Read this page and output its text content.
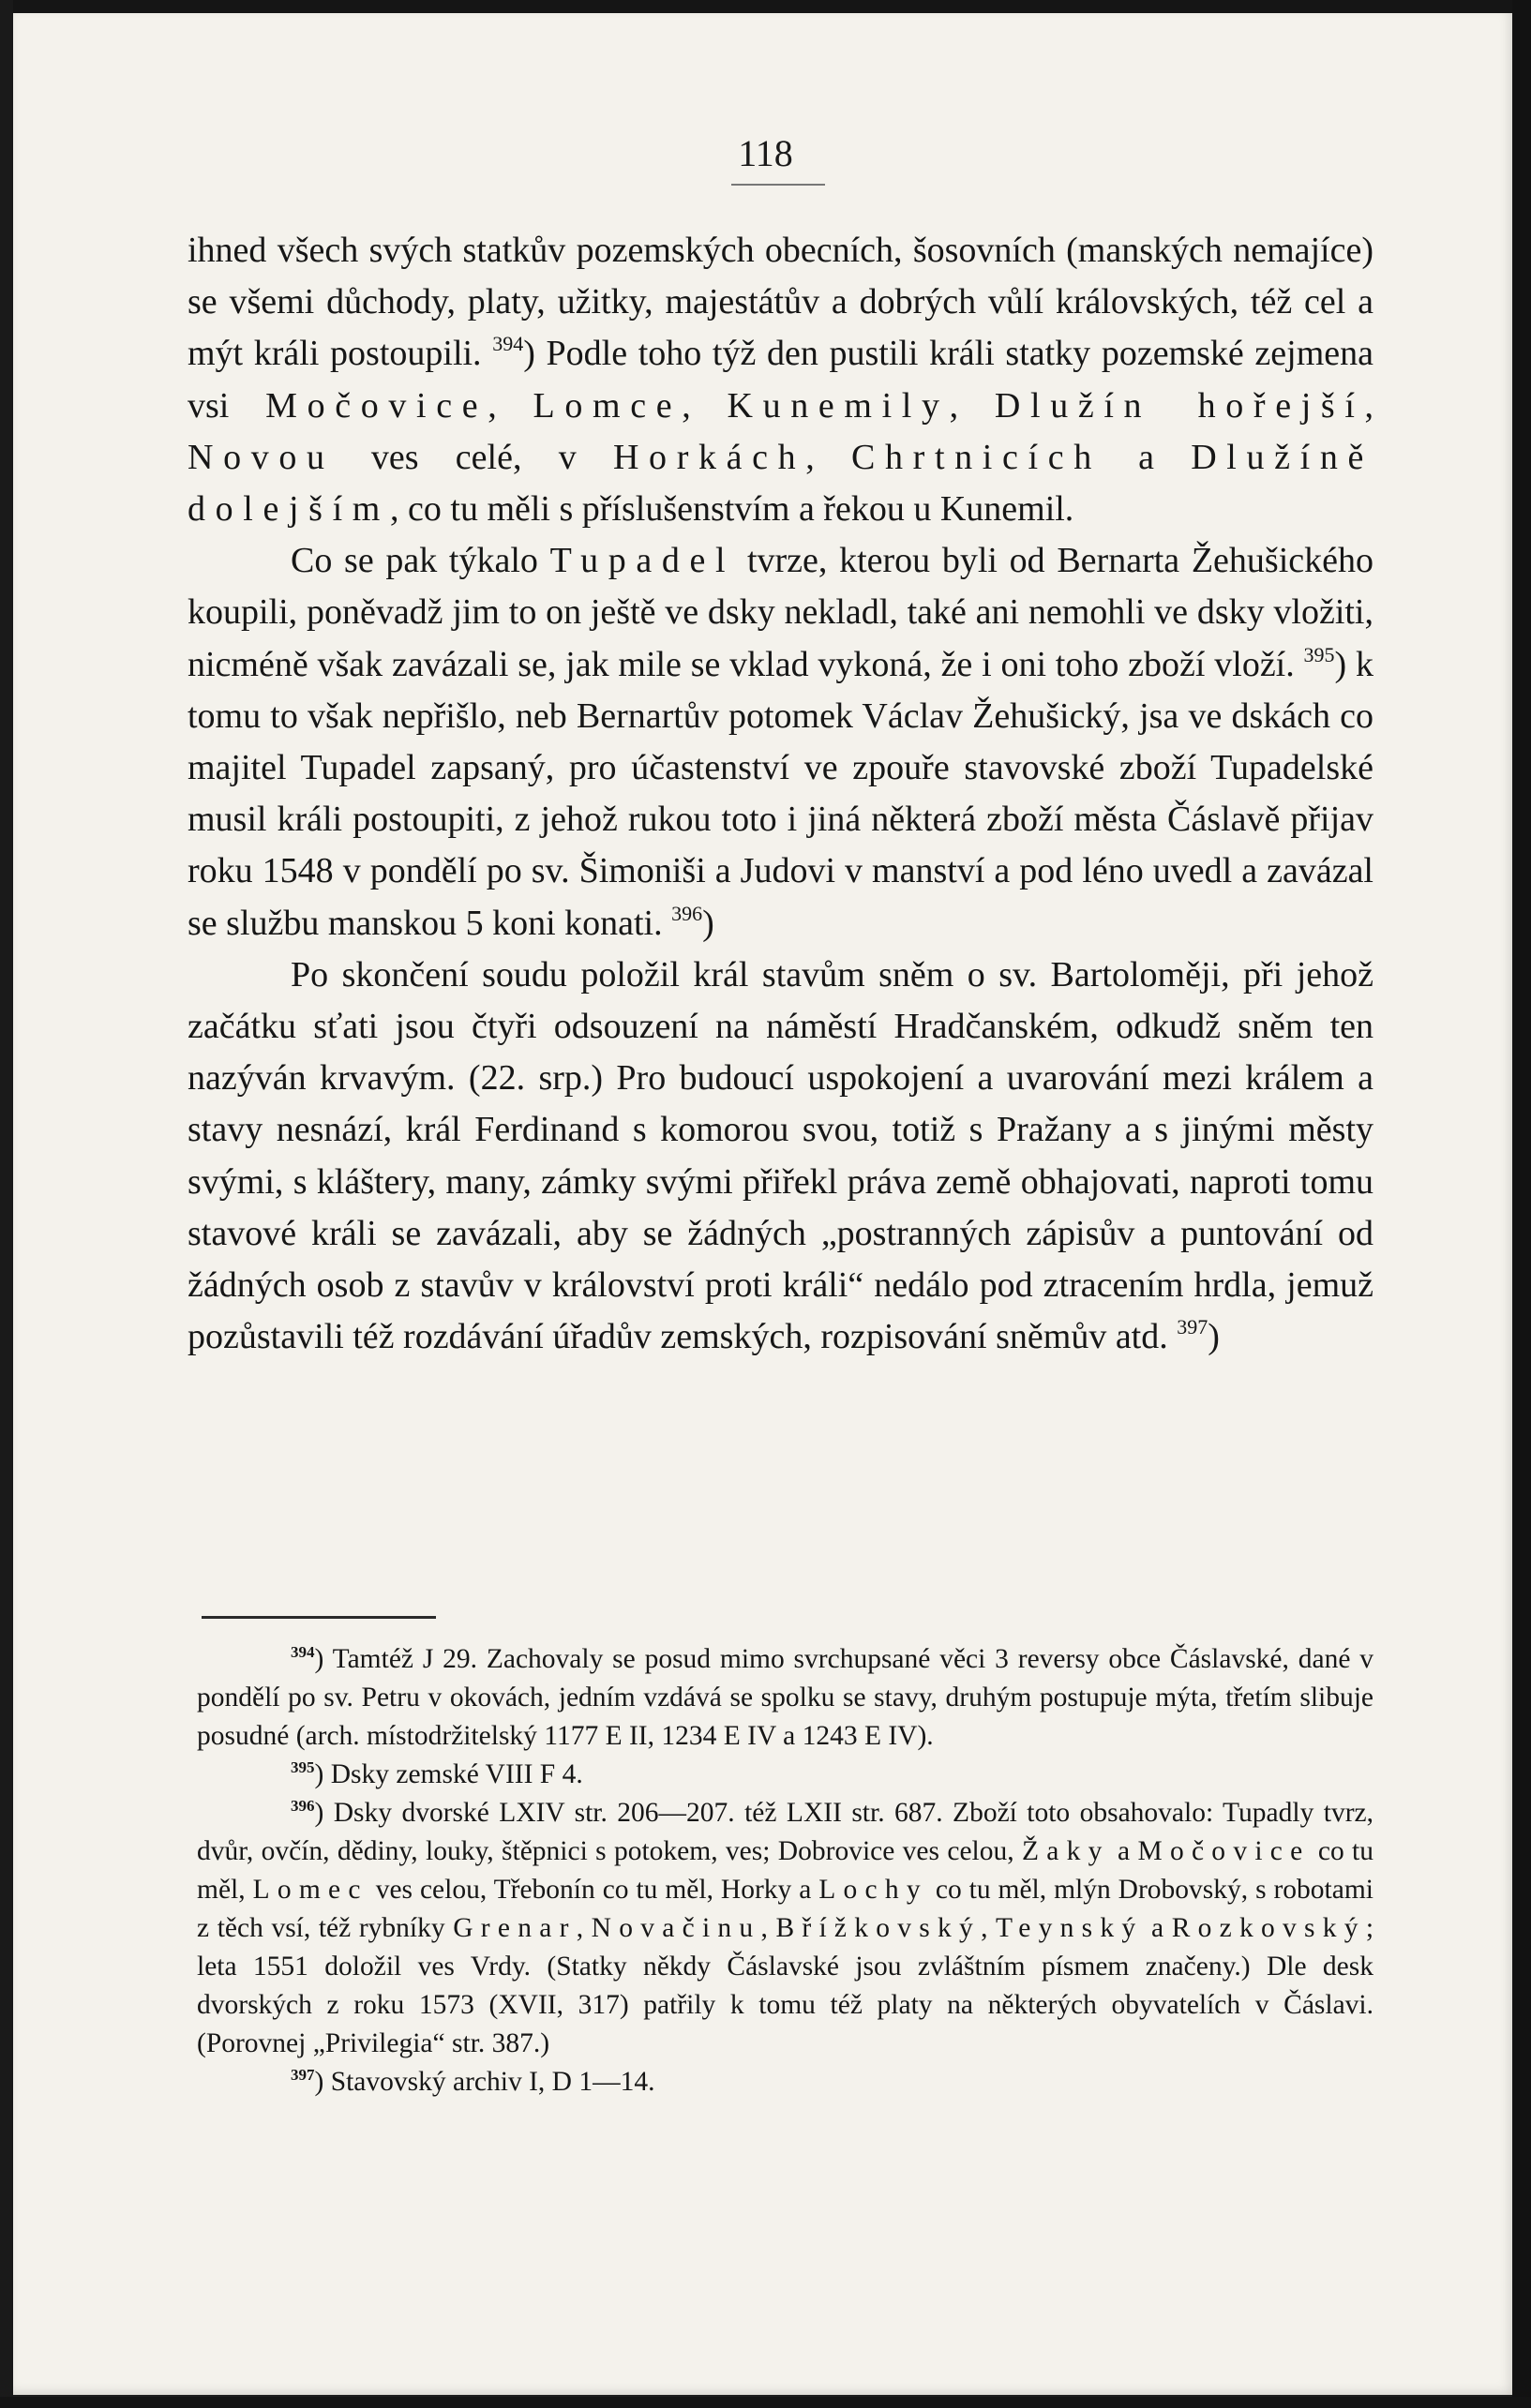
118

ihned všech svých statkův pozemských obecních, šosovních (manských nemajíce) se všemi důchody, platy, užitky, majestátův a dobrých vůlí královských, též cel a mýt králi postoupili. $^{394}$) Podle toho týž den pustili králi statky pozemské zejmena vsi Močovice, Lomce, Kunemily, Dlužín hořejší, Novou ves celé, v Horkách, Chrtnicích a Dlužíně dolejším, co tu měli s příslušenstvím a řekou u Kunemil.

Co se pak týkalo Tupadel tvrze, kterou byli od Bernarta Žehušického koupili, poněvadž jim to on ještě ve dsky nekladl, také ani nemohli ve dsky vložiti, nicméně však zavázali se, jak mile se vklad vykoná, že i oni toho zboží vloží. $^{395}$) k tomu to však nepřišlo, neb Bernartův potomek Václav Žehušický, jsa ve dskách co majitel Tupadel zapsaný, pro účastenství ve zpouře stavovské zboží Tupadelské musil králi postoupiti, z jehož rukou toto i jiná některá zboží města Čáslavě přijav roku 1548 v pondělí po sv. Šimoniši a Judovi v manství a pod léno uvedl a zavázal se službu manskou 5 koni konati. $^{396}$)

Po skončení soudu položil král stavům sněm o sv. Bartoloměji, při jehož začátku sťati jsou čtyři odsouzení na náměstí Hradčanském, odkudž sněm ten nazýván krvavým. (22. srp.) Pro budoucí uspokojení a uvarování mezi králem a stavy nesnází, král Ferdinand s komorou svou, totiž s Pražany a s jinými městy svými, s kláštery, many, zámky svými přiřekl práva země obhajovati, naproti tomu stavové králi se zavázali, aby se žádných „postranných zápisův a puntování od žádných osob z stavův v království proti králi“ nedálo pod ztracením hrdla, jemuž pozůstavili též rozdávání úřadův zemských, rozpisování sněmův atd. $^{397}$)

$^{394}$) Tamtéž J 29. Zachovaly se posud mimo svrchupsané věci 3 reversy obce Čáslavské, dané v pondělí po sv. Petru v okovách, jedním vzdává se spolku se stavy, druhým postupuje mýta, třetím slibuje posudné (arch. místodržitelský 1177 E II, 1234 E IV a 1243 E IV).

$^{395}$) Dsky zemské VIII F 4.

$^{396}$) Dsky dvorské LXIV str. 206—207. též LXII str. 687. Zboží toto obsahovalo: Tupadly tvrz, dvůr, ovčín, dědiny, louky, štěpnici s potokem, ves; Dobrovice ves celou, Žaky a Močovice co tu měl, Lomec ves celou, Třebonín co tu měl, Horky a Lochy co tu měl, mlýn Drobovský, s robotami z těch vsí, též rybníky Grenar, Novačinu, Břížkovský, Teynský a Rozkovský; leta 1551 doložil ves Vrdy. (Statky někdy Čáslavské jsou zvláštním písmem značeny.) Dle desk dvorských z roku 1573 (XVII, 317) patřily k tomu též platy na některých obyvatelích v Čáslavi. (Porovnej „Privilegia“ str. 387.)

$^{397}$) Stavovský archiv I, D 1—14.
